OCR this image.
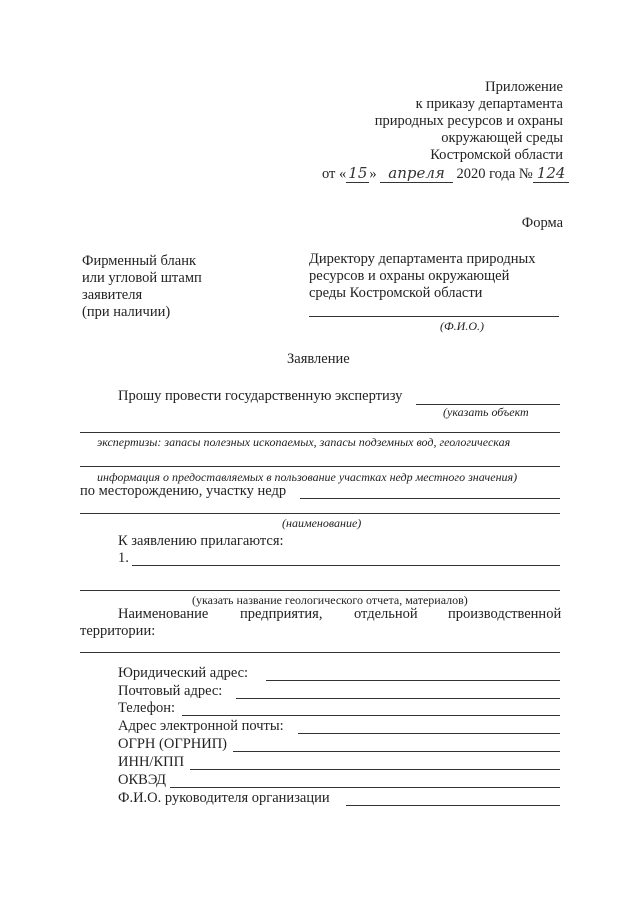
Приложение
к приказу департамента
природных ресурсов и охраны
окружающей среды
Костромской области
от « 15 » апреля 2020 года № 124
Форма
Фирменный бланк
или угловой штамп
заявителя
(при наличии)
Директору департамента природных
ресурсов и охраны окружающей
среды Костромской области
(Ф.И.О.)
Заявление
Прошу провести государственную экспертизу
(указать объект
экспертизы: запасы полезных ископаемых, запасы подземных вод, геологическая
информация о предоставляемых в пользование участках недр местного значения)
по месторождению, участку недр
(наименование)
К заявлению прилагаются:
1.
(указать название геологического отчета, материалов)
Наименование предприятия, отдельной производственной
территории:
Юридический адрес:
Почтовый адрес:
Телефон:
Адрес электронной почты:
ОГРН (ОГРНИП)
ИНН/КПП
ОКВЭД
Ф.И.О. руководителя организации
